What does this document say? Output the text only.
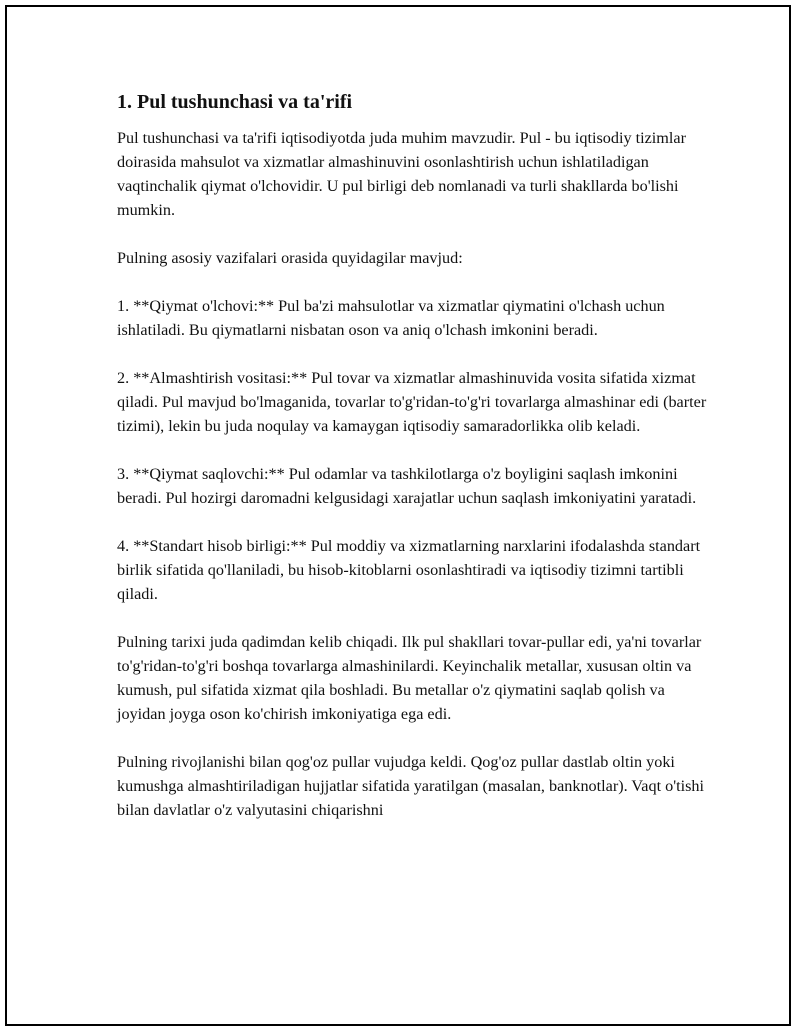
1. Pul tushunchasi va ta'rifi

Pul tushunchasi va ta'rifi iqtisodiyotda juda muhim mavzudir. Pul - bu iqtisodiy tizimlar doirasida mahsulot va xizmatlar almashinuvini osonlashtirish uchun ishlatiladigan vaqtinchalik qiymat o'lchovidir. U pul birligi deb nomlanadi va turli shakllarda bo'lishi mumkin.

Pulning asosiy vazifalari orasida quyidagilar mavjud:

1. **Qiymat o'lchovi:** Pul ba'zi mahsulotlar va xizmatlar qiymatini o'lchash uchun ishlatiladi. Bu qiymatlarni nisbatan oson va aniq o'lchash imkonini beradi.

2. **Almashtirish vositasi:** Pul tovar va xizmatlar almashinuvida vosita sifatida xizmat qiladi. Pul mavjud bo'lmaganida, tovarlar to'g'ridan-to'g'ri tovarlarga almashinar edi (barter tizimi), lekin bu juda noqulay va kamaygan iqtisodiy samaradorlikka olib keladi.

3. **Qiymat saqlovchi:** Pul odamlar va tashkilotlarga o'z boyligini saqlash imkonini beradi. Pul hozirgi daromadni kelgusidagi xarajatlar uchun saqlash imkoniyatini yaratadi.

4. **Standart hisob birligi:** Pul moddiy va xizmatlarning narxlarini ifodalashda standart birlik sifatida qo'llaniladi, bu hisob-kitoblarni osonlashtiradi va iqtisodiy tizimni tartibli qiladi.

Pulning tarixi juda qadimdan kelib chiqadi. Ilk pul shakllari tovar-pullar edi, ya'ni tovarlar to'g'ridan-to'g'ri boshqa tovarlarga almashinilardi. Keyinchalik metallar, xususan oltin va kumush, pul sifatida xizmat qila boshladi. Bu metallar o'z qiymatini saqlab qolish va joyidan joyga oson ko'chirish imkoniyatiga ega edi.

Pulning rivojlanishi bilan qog'oz pullar vujudga keldi. Qog'oz pullar dastlab oltin yoki kumushga almashtiriladigan hujjatlar sifatida yaratilgan (masalan, banknotlar). Vaqt o'tishi bilan davlatlar o'z valyutasini chiqarishni
